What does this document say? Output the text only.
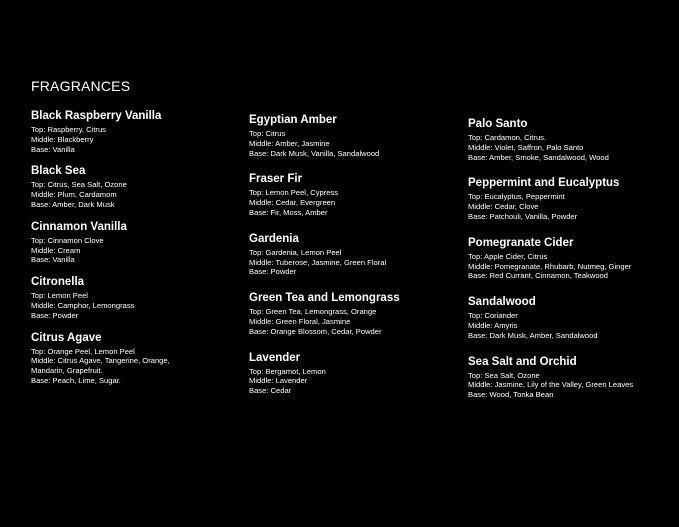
FRAGRANCES
Black Raspberry Vanilla
Top: Raspberry, Citrus
Middle: Blackberry
Base: Vanilla
Black Sea
Top: Citrus, Sea Salt, Ozone
Middle: Plum, Cardamom
Base: Amber, Dark Musk
Cinnamon Vanilla
Top: Cinnamon Clove
Middle: Cream
Base: Vanilla
Citronella
Top: Lemon Peel
Middle: Camphor, Lemongrass
Base: Powder
Citrus Agave
Top: Orange Peel, Lemon Peel
Middle: Citrus Agave, Tangerine, Orange, Mandarin, Grapefruit.
Base: Peach, Lime, Sugar.
Egyptian Amber
Top: Citrus
Middle: Amber, Jasmine
Base: Dark Musk, Vanilla, Sandalwood
Fraser Fir
Top: Lemon Peel, Cypress
Middle: Cedar, Evergreen
Base: Fir, Moss, Amber
Gardenia
Top: Gardenia, Lemon Peel
Middle: Tuberose, Jasmine, Green Floral
Base: Powder
Green Tea and Lemongrass
Top: Green Tea, Lemongrass, Orange
Middle: Green Floral, Jasmine
Base: Orange Blossom, Cedar, Powder
Lavender
Top: Bergamot, Lemon
Middle: Lavender
Base: Cedar
Palo Santo
Top: Cardamon, Citrus.
Middle: Violet, Saffron, Palo Santo
Base: Amber, Smoke, Sandalwood, Wood
Peppermint and Eucalyptus
Top: Eucalyptus, Peppermint
Middle: Cedar, Clove
Base: Patchouli, Vanilla, Powder
Pomegranate Cider
Top: Apple Cider, Citrus
Middle: Pomegranate, Rhubarb, Nutmeg, Ginger
Base: Red Currant, Cinnamon, Teakwood
Sandalwood
Top: Coriander
Middle: Amyris
Base: Dark Musk, Amber, Sandalwood
Sea Salt and Orchid
Top: Sea Salt, Ozone
Middle: Jasmine, Lily of the Valley, Green Leaves
Base: Wood, Tonka Bean
